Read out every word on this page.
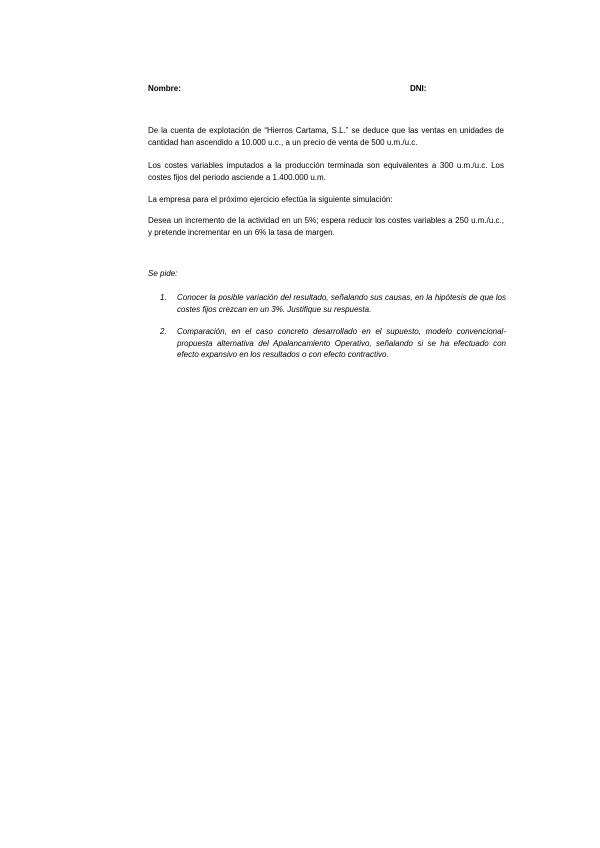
Nombre:	DNI:

De la cuenta de explotación de “Hierros Cartama, S.L.” se deduce que las ventas en unidades de cantidad han ascendido a 10.000 u.c., a un precio de venta de 500 u.m./u.c.

Los costes variables imputados a la producción terminada son equivalentes a 300 u.m./u.c. Los costes fijos del periodo asciende a 1.400.000 u.m.

La empresa para el próximo ejercicio efectúa la siguiente simulación:

Desea un incremento de la actividad en un 5%; espera reducir los costes variables a 250 u.m./u.c., y pretende incrementar en un 6% la tasa de margen.

Se pide:
1. Conocer la posible variación del resultado, señalando sus causas, en la hipótesis de que los costes fijos crezcan en un 3%. Justifique su respuesta.
2. Comparación, en el caso concreto desarrollado en el supuesto, modelo convencional-propuesta alternativa del Apalancamiento Operativo, señalando si se ha efectuado con efecto expansivo en los resultados o con efecto contractivo.
